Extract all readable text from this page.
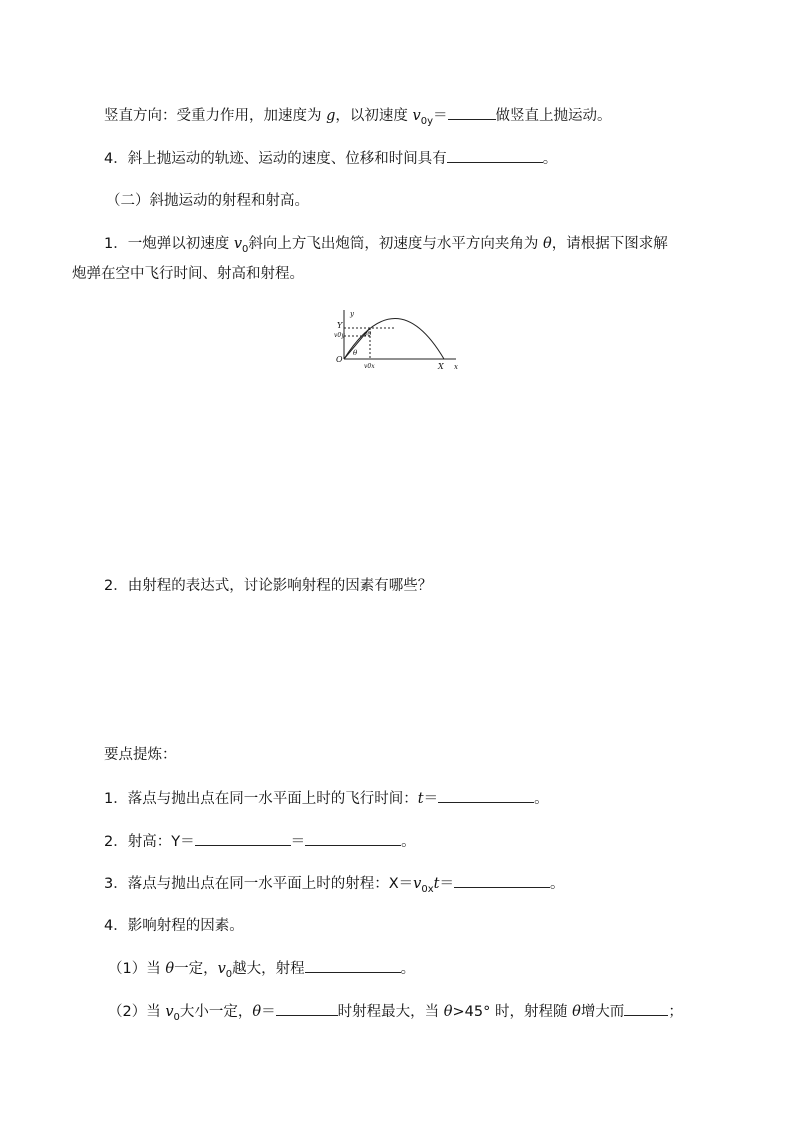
竖直方向：受重力作用，加速度为 g，以初速度 $v_{0y}=$	做竖直上抛运动。
4．斜上抛运动的轨迹、运动的速度、位移和时间具有	。
（二）斜抛运动的射程和射高。
1．一炮弹以初速度 $v_0$斜向上方飞出炮筒，初速度与水平方向夹角为 θ，请根据下图求解
炮弹在空中飞行时间、射高和射程。
y
Y
v0y	v0
θ
O
v0x	X x
2．由射程的表达式，讨论影响射程的因素有哪些？
要点提炼：
1．落点与抛出点在同一水平面上时的飞行时间：t＝	。
2．射高：Y＝	＝	。
3．落点与抛出点在同一水平面上时的射程：$X=v_{0x}t=$	。
4．影响射程的因素。
（1）当 θ一定，$v_0$越大，射程	。
（2）当 $v_0$大小一定，θ＝	时射程最大，当 θ>45° 时，射程随 θ增大而	；
